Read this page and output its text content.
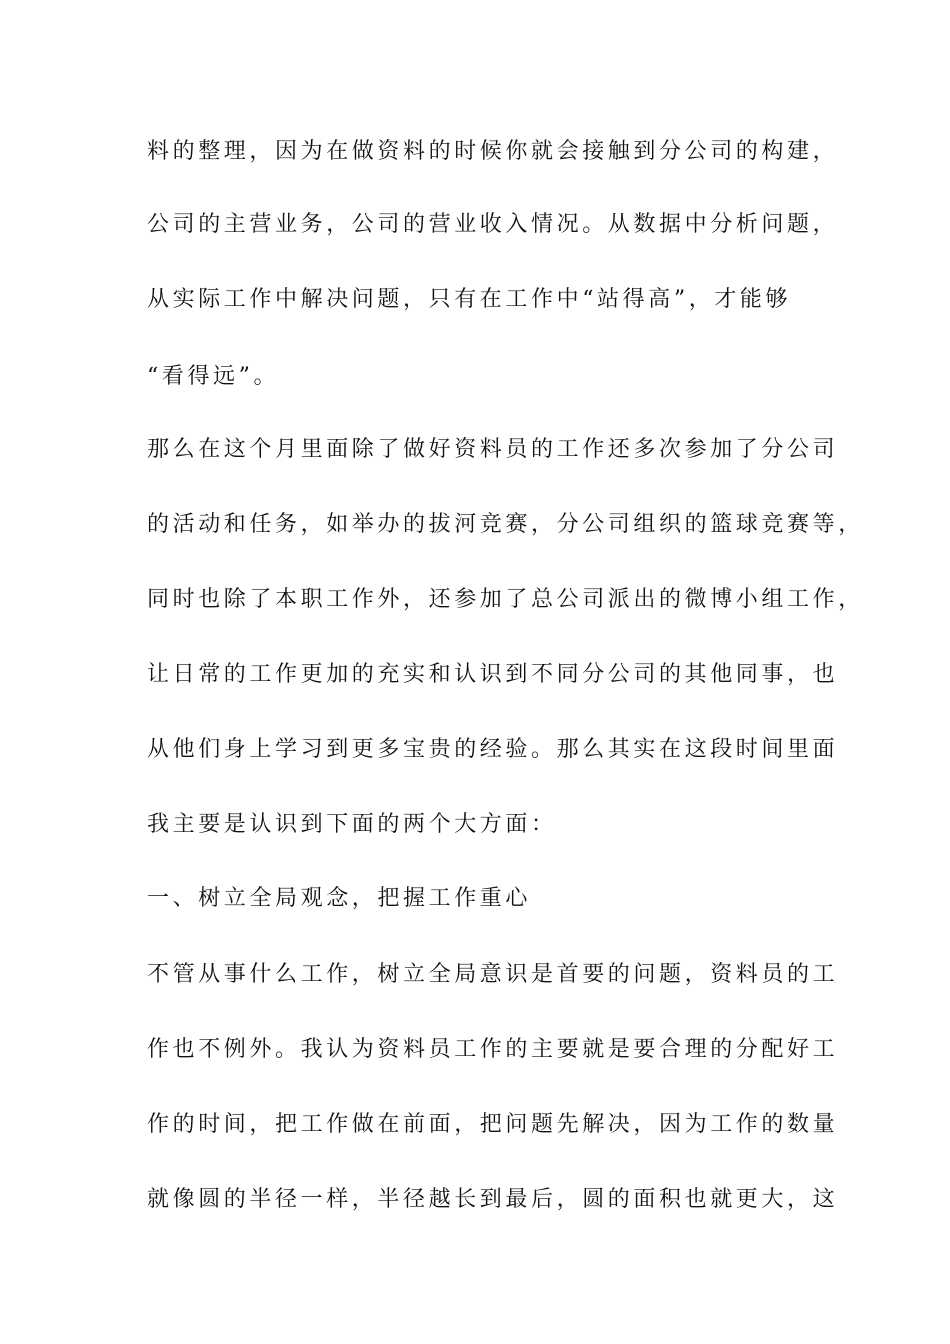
料的整理，因为在做资料的时候你就会接触到分公司的构建，
公司的主营业务，公司的营业收入情况。从数据中分析问题，
从实际工作中解决问题，只有在工作中“站得高”，才能够
“看得远”。
那么在这个月里面除了做好资料员的工作还多次参加了分公司
的活动和任务，如举办的拔河竞赛，分公司组织的篮球竞赛等，
同时也除了本职工作外，还参加了总公司派出的微博小组工作，
让日常的工作更加的充实和认识到不同分公司的其他同事，也
从他们身上学习到更多宝贵的经验。那么其实在这段时间里面
我主要是认识到下面的两个大方面：
一、树立全局观念，把握工作重心
不管从事什么工作，树立全局意识是首要的问题，资料员的工
作也不例外。我认为资料员工作的主要就是要合理的分配好工
作的时间，把工作做在前面，把问题先解决，因为工作的数量
就像圆的半径一样，半径越长到最后，圆的面积也就更大，这
